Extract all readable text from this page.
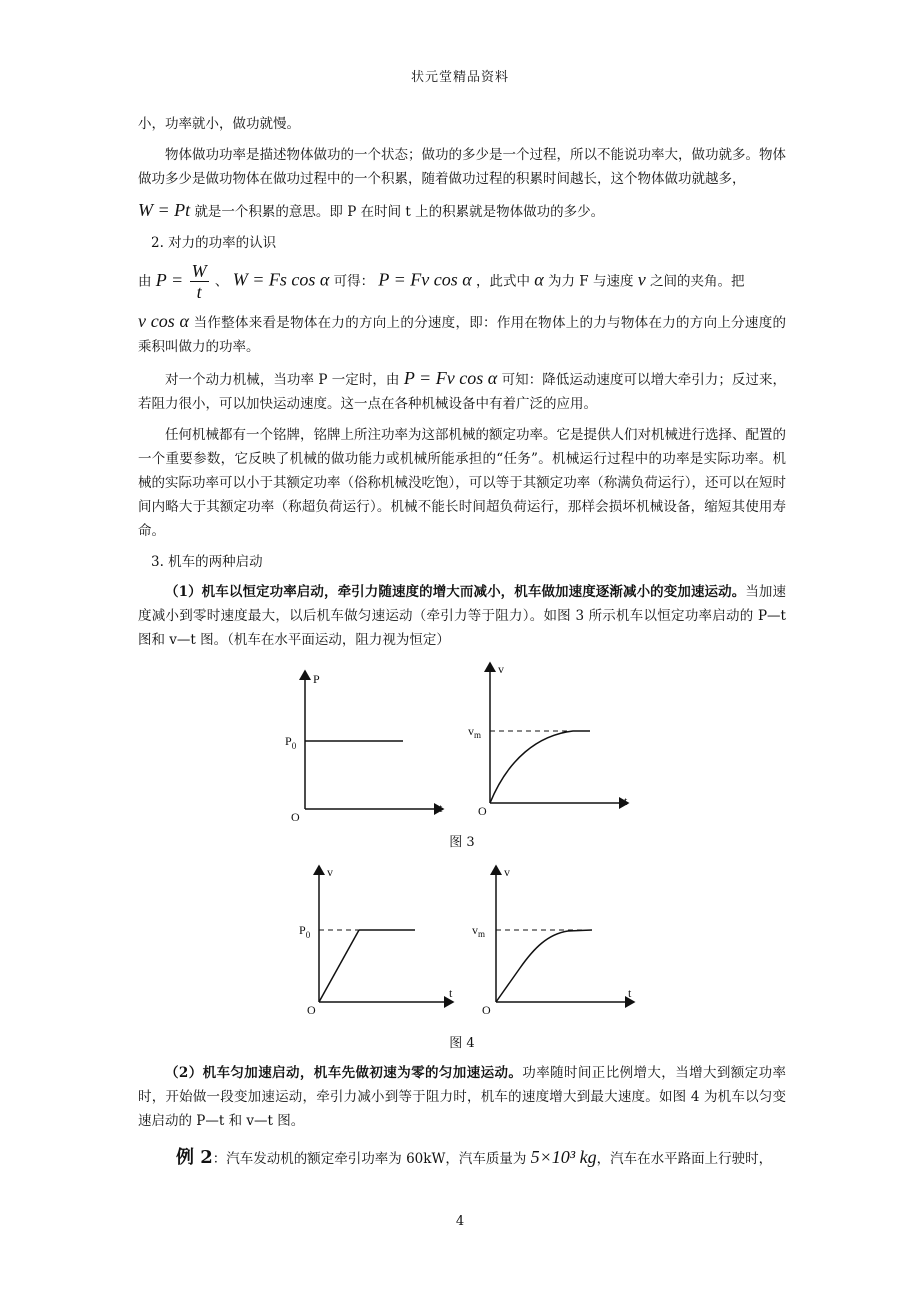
状元堂精品资料

小，功率就小，做功就慢。

物体做功功率是描述物体做功的一个状态；做功的多少是一个过程，所以不能说功率大，做功就多。物体做功多少是做功物体在做功过程中的一个积累，随着做功过程的积累时间越长，这个物体做功就越多，

W = Pt 就是一个积累的意思。即 P 在时间 t 上的积累就是物体做功的多少。

2. 对力的功率的认识

由 $P = \frac{W}{t}$ 、 W = Fs cos α 可得： P = Fv cos α ，此式中 α 为力 F 与速度 v 之间的夹角。把

v cos α 当作整体来看是物体在力的方向上的分速度，即：作用在物体上的力与物体在力的方向上分速度的乘积叫做力的功率。

对一个动力机械，当功率 P 一定时，由 P = Fv cos α 可知：降低运动速度可以增大牵引力；反过来，若阻力很小，可以加快运动速度。这一点在各种机械设备中有着广泛的应用。

任何机械都有一个铭牌，铭牌上所注功率为这部机械的额定功率。它是提供人们对机械进行选择、配置的一个重要参数，它反映了机械的做功能力或机械所能承担的“任务”。机械运行过程中的功率是实际功率。机械的实际功率可以小于其额定功率（俗称机械没吃饱），可以等于其额定功率（称满负荷运行），还可以在短时间内略大于其额定功率（称超负荷运行）。机械不能长时间超负荷运行，那样会损坏机械设备，缩短其使用寿命。

3. 机车的两种启动

（1）机车以恒定功率启动，牵引力随速度的增大而减小，机车做加速度逐渐减小的变加速运动。当加速度减小到零时速度最大，以后机车做匀速运动（牵引力等于阻力）。如图 3 所示机车以恒定功率启动的 P—t 图和 v—t 图。（机车在水平面运动，阻力视为恒定）

P
$P_0$
O
t
v
$v_m$
O
t
图 3
v
$P_0$
O
t
v
$v_m$
O
t
图 4

（2）机车匀加速启动，机车先做初速为零的匀加速运动。功率随时间正比例增大，当增大到额定功率时，开始做一段变加速运动，牵引力减小到等于阻力时，机车的速度增大到最大速度。如图 4 为机车以匀变速启动的 P—t 和 v—t 图。

例 2：汽车发动机的额定牵引功率为 60kW，汽车质量为 5×10³ kg，汽车在水平路面上行驶时，

4
